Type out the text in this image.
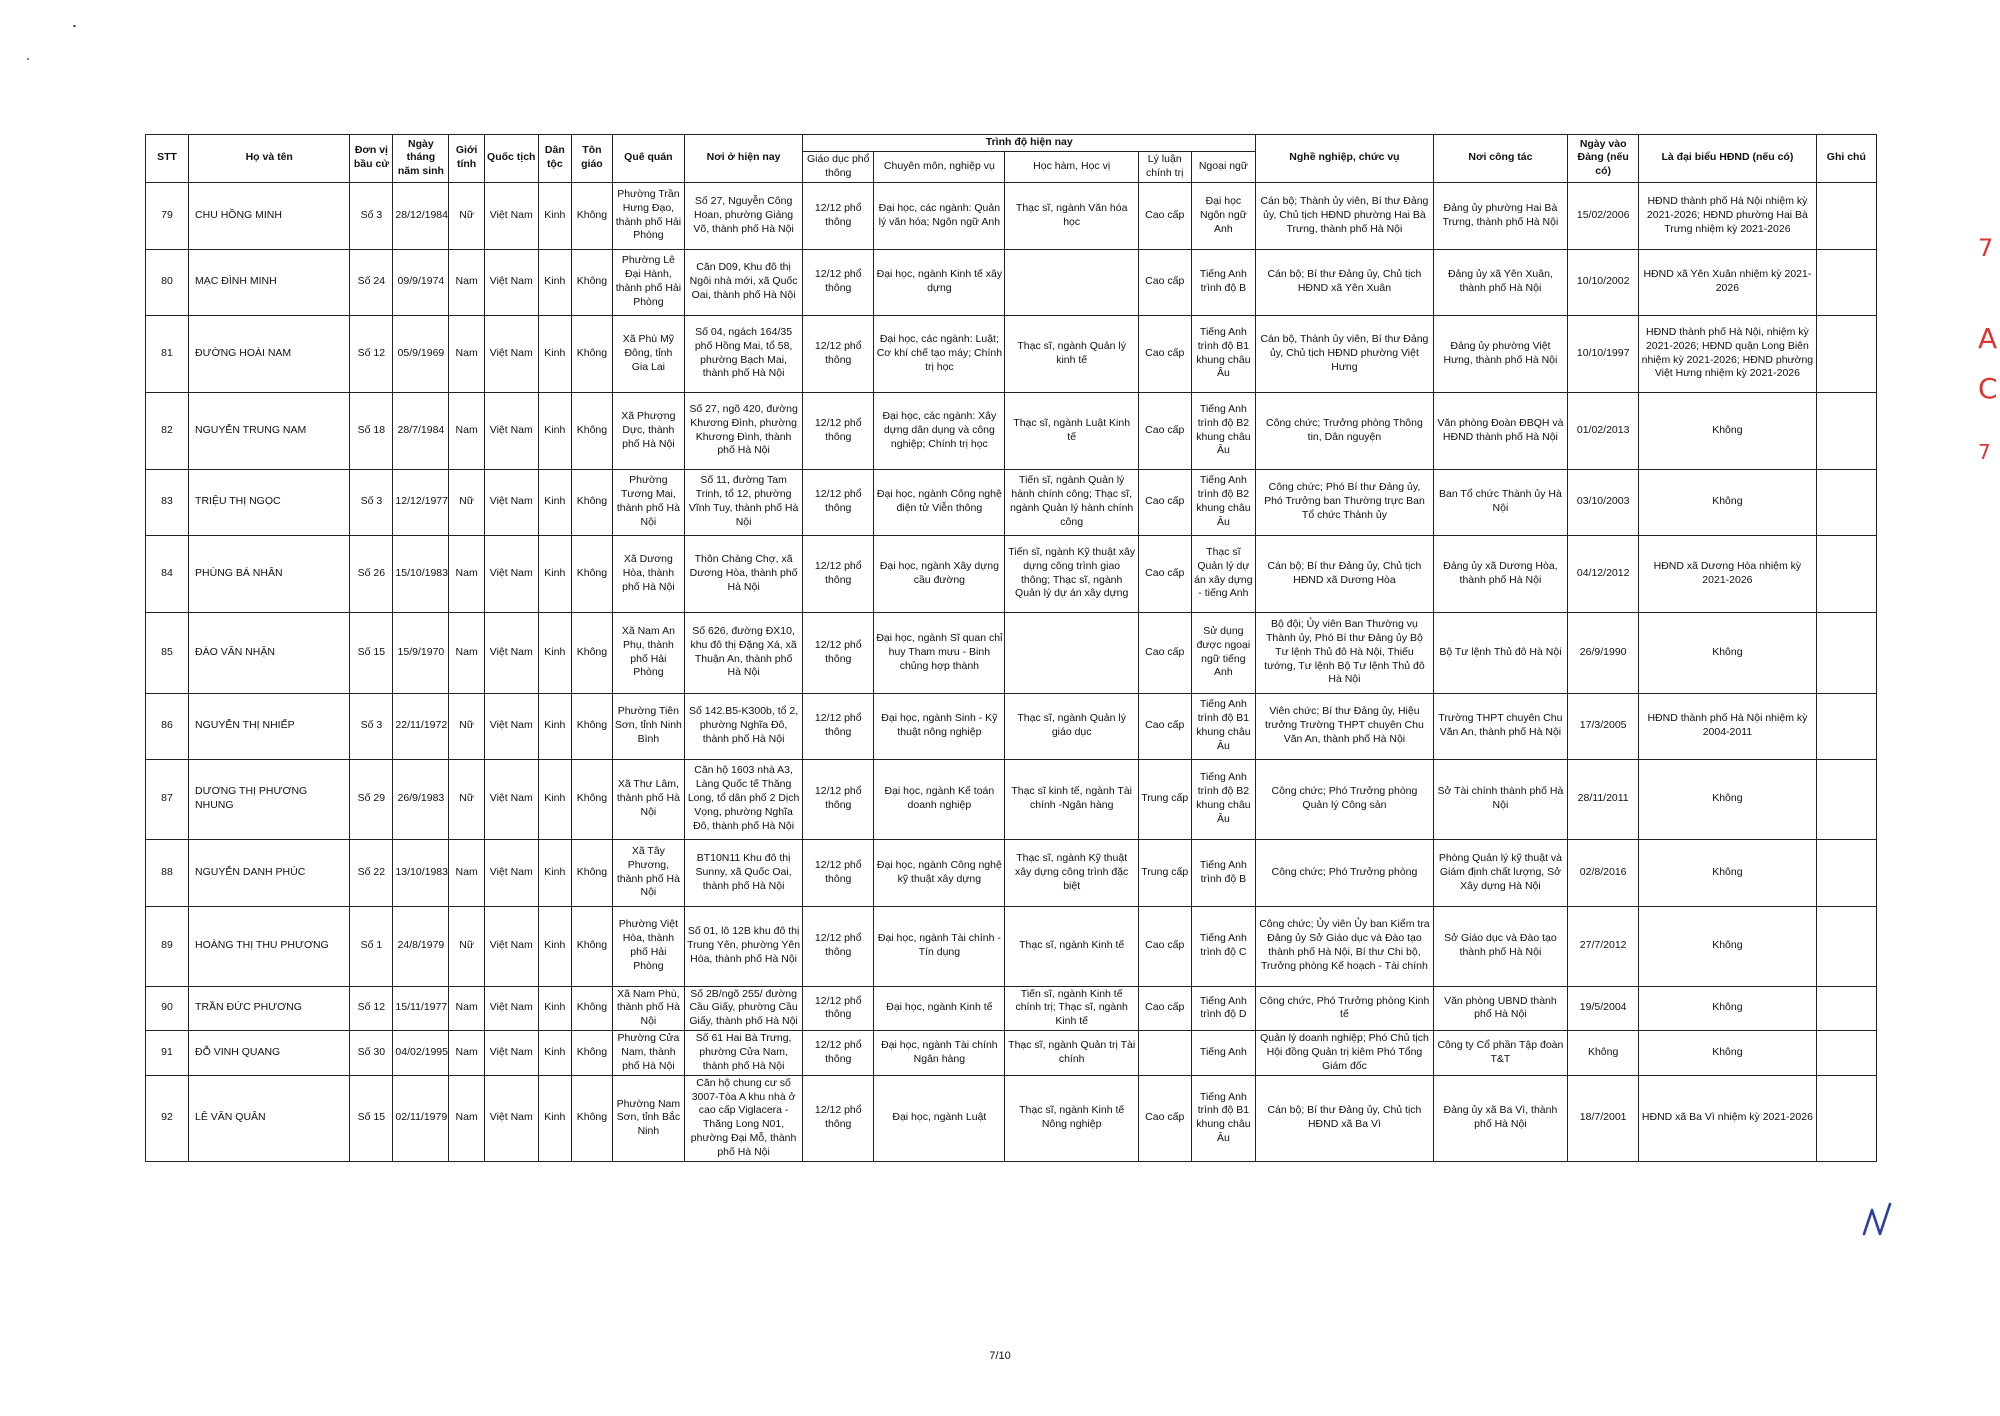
STT	Họ và tên	Đơn vị bầu cử	Ngày tháng năm sinh	Giới tính	Quốc tịch	Dân tộc	Tôn giáo	Quê quán	Nơi ở hiện nay	Trình độ hiện nay					Nghề nghiệp, chức vụ	Nơi công tác	Ngày vào Đảng (nếu có)	Là đại biểu HĐND (nếu có)	Ghi chú
										Giáo dục phổ thông	Chuyên môn, nghiệp vụ	Học hàm, Học vị	Lý luận chính trị	Ngoại ngữ					
79	CHU HỒNG MINH	Số 3	28/12/1984	Nữ	Việt Nam	Kinh	Không	Phường Trần Hưng Đạo, thành phố Hải Phòng	Số 27, Nguyễn Công Hoan, phường Giảng Võ, thành phố Hà Nội	12/12 phổ thông	Đại học, các ngành: Quản lý văn hóa; Ngôn ngữ Anh	Thạc sĩ, ngành Văn hóa học	Cao cấp	Đại học Ngôn ngữ Anh	Cán bộ; Thành ủy viên, Bí thư Đảng ủy, Chủ tịch HĐND phường Hai Bà Trưng, thành phố Hà Nội	Đảng ủy phường Hai Bà Trưng, thành phố Hà Nội	15/02/2006	HĐND thành phố Hà Nội nhiệm kỳ 2021-2026; HĐND phường Hai Bà Trưng nhiệm kỳ 2021-2026	
80	MẠC ĐÌNH MINH	Số 24	09/9/1974	Nam	Việt Nam	Kinh	Không	Phường Lê Đại Hành, thành phố Hải Phòng	Căn D09, Khu đô thị Ngôi nhà mới, xã Quốc Oai, thành phố Hà Nội	12/12 phổ thông	Đại học, ngành Kinh tế xây dựng		Cao cấp	Tiếng Anh trình độ B	Cán bộ; Bí thư Đảng ủy, Chủ tịch HĐND xã Yên Xuân	Đảng ủy xã Yên Xuân, thành phố Hà Nội	10/10/2002	HĐND xã Yên Xuân nhiệm kỳ 2021-2026	
81	ĐƯỜNG HOÀI NAM	Số 12	05/9/1969	Nam	Việt Nam	Kinh	Không	Xã Phù Mỹ Đông, tỉnh Gia Lai	Số 04, ngách 164/35 phố Hồng Mai, tổ 58, phường Bạch Mai, thành phố Hà Nội	12/12 phổ thông	Đại học, các ngành: Luật; Cơ khí chế tạo máy; Chính trị học	Thạc sĩ, ngành Quản lý kinh tế	Cao cấp	Tiếng Anh trình độ B1 khung châu Âu	Cán bộ, Thành ủy viên, Bí thư Đảng ủy, Chủ tịch HĐND phường Việt Hưng	Đảng ủy phường Việt Hưng, thành phố Hà Nội	10/10/1997	HĐND thành phố Hà Nội, nhiệm kỳ 2021-2026; HĐND quận Long Biên nhiệm kỳ 2021-2026; HĐND phường Việt Hưng nhiệm kỳ 2021-2026	
82	NGUYỄN TRUNG NAM	Số 18	28/7/1984	Nam	Việt Nam	Kinh	Không	Xã Phượng Dực, thành phố Hà Nội	Số 27, ngõ 420, đường Khương Đình, phường Khương Đình, thành phố Hà Nội	12/12 phổ thông	Đại học, các ngành: Xây dựng dân dụng và công nghiệp; Chính trị học	Thạc sĩ, ngành Luật Kinh tế	Cao cấp	Tiếng Anh trình độ B2 khung châu Âu	Công chức; Trưởng phòng Thông tin, Dân nguyện	Văn phòng Đoàn ĐBQH và HĐND thành phố Hà Nội	01/02/2013	Không	
83	TRIỆU THỊ NGỌC	Số 3	12/12/1977	Nữ	Việt Nam	Kinh	Không	Phường Tương Mai, thành phố Hà Nội	Số 11, đường Tam Trinh, tổ 12, phường Vĩnh Tuy, thành phố Hà Nội	12/12 phổ thông	Đại học, ngành Công nghệ điện tử Viễn thông	Tiến sĩ, ngành Quản lý hành chính công; Thạc sĩ, ngành Quản lý hành chính công	Cao cấp	Tiếng Anh trình độ B2 khung châu Âu	Công chức; Phó Bí thư Đảng ủy, Phó Trưởng ban Thường trực Ban Tổ chức Thành ủy	Ban Tổ chức Thành ủy Hà Nội	03/10/2003	Không	
84	PHÙNG BÁ NHÂN	Số 26	15/10/1983	Nam	Việt Nam	Kinh	Không	Xã Dương Hòa, thành phố Hà Nội	Thôn Chàng Chợ, xã Dương Hòa, thành phố Hà Nội	12/12 phổ thông	Đại học, ngành Xây dựng cầu đường	Tiến sĩ, ngành Kỹ thuật xây dựng công trình giao thông; Thạc sĩ, ngành Quản lý dự án xây dựng	Cao cấp	Thạc sĩ Quản lý dự án xây dựng - tiếng Anh	Cán bộ; Bí thư Đảng ủy, Chủ tịch HĐND xã Dương Hòa	Đảng ủy xã Dương Hòa, thành phố Hà Nội	04/12/2012	HĐND xã Dương Hòa nhiệm kỳ 2021-2026	
85	ĐÀO VĂN NHẬN	Số 15	15/9/1970	Nam	Việt Nam	Kinh	Không	Xã Nam An Phụ, thành phố Hải Phòng	Số 626, đường ĐX10, khu đô thị Đặng Xá, xã Thuận An, thành phố Hà Nội	12/12 phổ thông	Đại học, ngành Sĩ quan chỉ huy Tham mưu - Binh chủng hợp thành		Cao cấp	Sử dụng được ngoại ngữ tiếng Anh	Bộ đội; Ủy viên Ban Thường vụ Thành ủy, Phó Bí thư Đảng ủy Bộ Tư lệnh Thủ đô Hà Nội, Thiếu tướng, Tư lệnh Bộ Tư lệnh Thủ đô Hà Nội	Bộ Tư lệnh Thủ đô Hà Nội	26/9/1990	Không	
86	NGUYỄN THỊ NHIẾP	Số 3	22/11/1972	Nữ	Việt Nam	Kinh	Không	Phường Tiên Sơn, tỉnh Ninh Bình	Số 142.B5-K300b, tổ 2, phường Nghĩa Đô, thành phố Hà Nội	12/12 phổ thông	Đại học, ngành Sinh - Kỹ thuật nông nghiệp	Thạc sĩ, ngành Quản lý giáo dục	Cao cấp	Tiếng Anh trình độ B1 khung châu Âu	Viên chức; Bí thư Đảng ủy, Hiệu trưởng Trường THPT chuyên Chu Văn An, thành phố Hà Nội	Trường THPT chuyên Chu Văn An, thành phố Hà Nội	17/3/2005	HĐND thành phố Hà Nội nhiệm kỳ 2004-2011	
87	DƯƠNG THỊ PHƯƠNG NHUNG	Số 29	26/9/1983	Nữ	Việt Nam	Kinh	Không	Xã Thư Lâm, thành phố Hà Nội	Căn hộ 1603 nhà A3, Làng Quốc tế Thăng Long, tổ dân phố 2 Dịch Vọng, phường Nghĩa Đô, thành phố Hà Nội	12/12 phổ thông	Đại học, ngành Kế toán doanh nghiệp	Thạc sĩ kinh tế, ngành Tài chính -Ngân hàng	Trung cấp	Tiếng Anh trình độ B2 khung châu Âu	Công chức; Phó Trưởng phòng Quản lý Công sản	Sở Tài chính thành phố Hà Nội	28/11/2011	Không	
88	NGUYỄN DANH PHÚC	Số 22	13/10/1983	Nam	Việt Nam	Kinh	Không	Xã Tây Phương, thành phố Hà Nội	BT10N11 Khu đô thị Sunny, xã Quốc Oai, thành phố Hà Nội	12/12 phổ thông	Đại học, ngành Công nghệ kỹ thuật xây dựng	Thạc sĩ, ngành Kỹ thuật xây dựng công trình đặc biệt	Trung cấp	Tiếng Anh trình độ B	Công chức; Phó Trưởng phòng	Phòng Quản lý kỹ thuật và Giám định chất lượng, Sở Xây dựng Hà Nội	02/8/2016	Không	
89	HOÀNG THỊ THU PHƯƠNG	Số 1	24/8/1979	Nữ	Việt Nam	Kinh	Không	Phường Việt Hòa, thành phố Hải Phòng	Số 01, lô 12B khu đô thị Trung Yên, phường Yên Hòa, thành phố Hà Nội	12/12 phổ thông	Đại học, ngành Tài chính - Tín dụng	Thạc sĩ, ngành Kinh tế	Cao cấp	Tiếng Anh trình độ C	Công chức; Ủy viên Ủy ban Kiểm tra Đảng ủy Sở Giáo dục và Đào tạo thành phố Hà Nội, Bí thư Chi bộ, Trưởng phòng Kế hoạch - Tài chính	Sở Giáo dục và Đào tạo thành phố Hà Nội	27/7/2012	Không	
90	TRẦN ĐỨC PHƯƠNG	Số 12	15/11/1977	Nam	Việt Nam	Kinh	Không	Xã Nam Phù, thành phố Hà Nội	Số 2B/ngõ 255/ đường Cầu Giấy, phường Cầu Giấy, thành phố Hà Nội	12/12 phổ thông	Đại học, ngành Kinh tế	Tiến sĩ, ngành Kinh tế chính trị; Thạc sĩ, ngành Kinh tế	Cao cấp	Tiếng Anh trình độ D	Công chức, Phó Trưởng phòng Kinh tế	Văn phòng UBND thành phố Hà Nội	19/5/2004	Không	
91	ĐỖ VINH QUANG	Số 30	04/02/1995	Nam	Việt Nam	Kinh	Không	Phường Cửa Nam, thành phố Hà Nội	Số 61 Hai Bà Trưng, phường Cửa Nam, thành phố Hà Nội	12/12 phổ thông	Đại học, ngành Tài chính Ngân hàng	Thạc sĩ, ngành Quản trị Tài chính		Tiếng Anh	Quản lý doanh nghiệp; Phó Chủ tịch Hội đồng Quản trị kiêm Phó Tổng Giám đốc	Công ty Cổ phần Tập đoàn T&T	Không	Không	
92	LÊ VĂN QUÂN	Số 15	02/11/1979	Nam	Việt Nam	Kinh	Không	Phường Nam Sơn, tỉnh Bắc Ninh	Căn hộ chung cư số 3007-Tòa A khu nhà ở cao cấp Viglacera - Thăng Long N01, phường Đại Mỗ, thành phố Hà Nội	12/12 phổ thông	Đại học, ngành Luật	Thạc sĩ, ngành Kinh tế Nông nghiệp	Cao cấp	Tiếng Anh trình độ B1 khung châu Âu	Cán bộ; Bí thư Đảng ủy, Chủ tịch HĐND xã Ba Vì	Đảng ủy xã Ba Vì, thành phố Hà Nội	18/7/2001	HĐND xã Ba Vì nhiệm kỳ 2021-2026	
7/10
7
A
C
7
